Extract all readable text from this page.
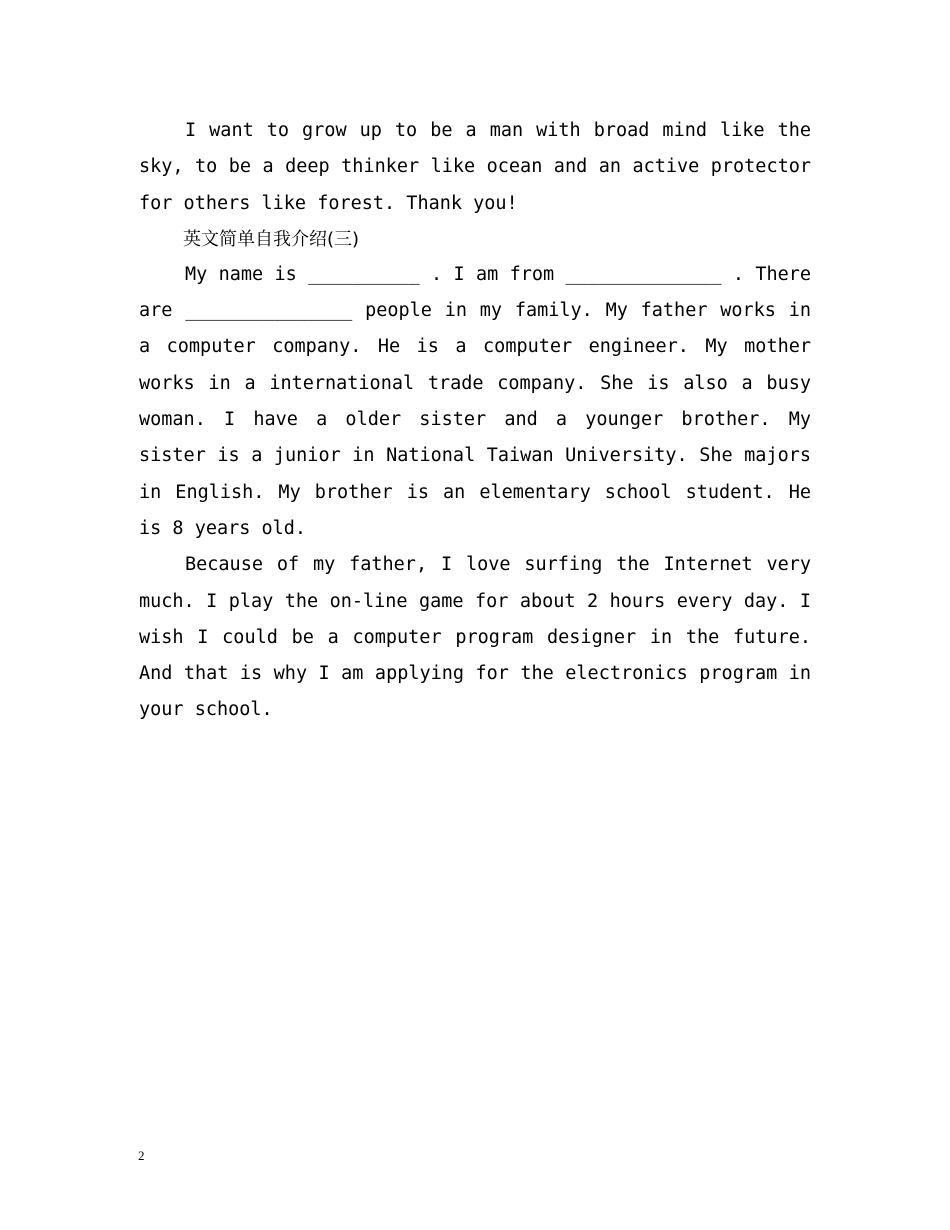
I want to grow up to be a man with broad mind like the sky, to be a deep thinker like ocean and an active protector for others like forest. Thank you!

英文简单自我介绍(三)

My name is __________ . I am from ______________ . There are _______________ people in my family. My father works in a computer company. He is a computer engineer. My mother works in a international trade company. She is also a busy woman. I have a older sister and a younger brother. My sister is a junior in National Taiwan University. She majors in English. My brother is an elementary school student. He is 8 years old.

Because of my father, I love surfing the Internet very much. I play the on-line game for about 2 hours every day. I wish I could be a computer program designer in the future. And that is why I am applying for the electronics program in your school.

2
